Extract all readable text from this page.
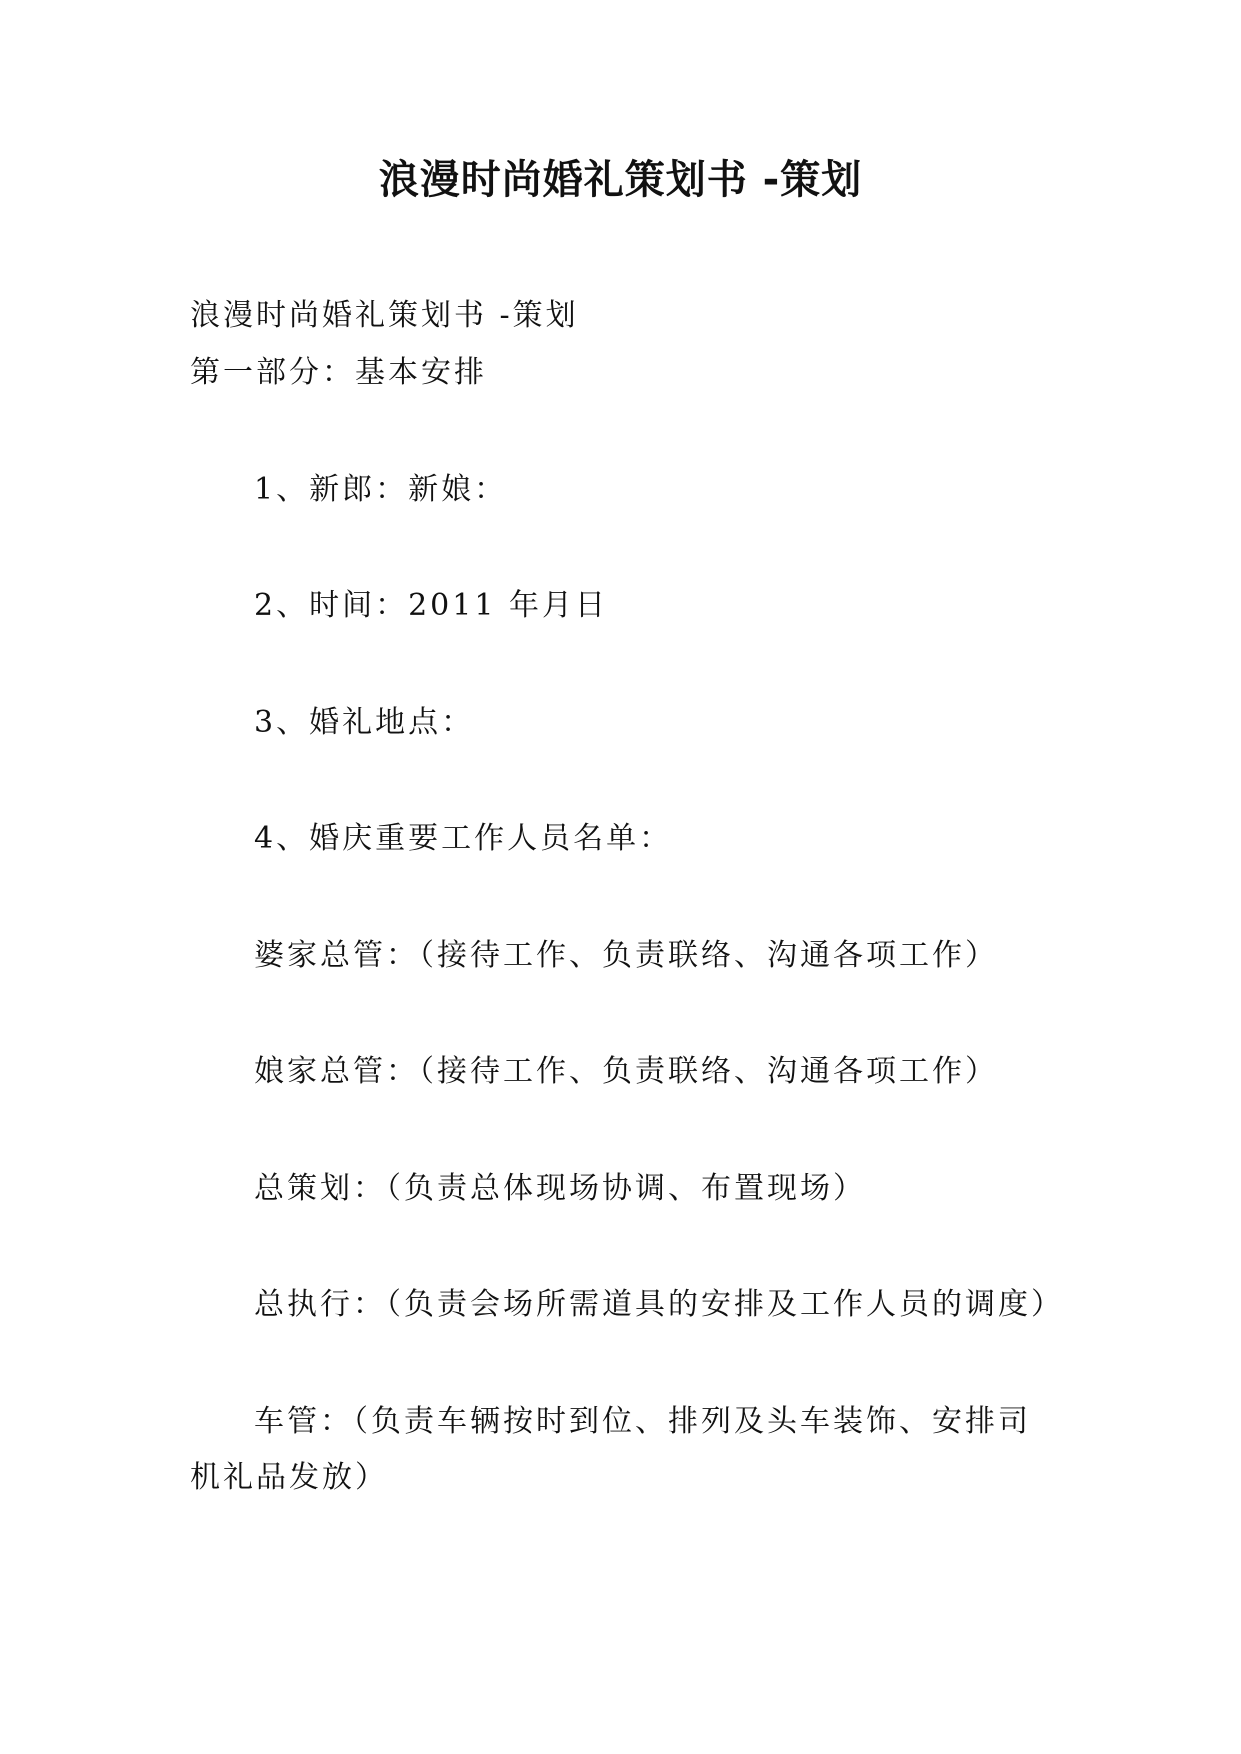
浪漫时尚婚礼策划书 -策划
浪漫时尚婚礼策划书 -策划
第一部分：基本安排
1、新郎：新娘：
2、时间：2011 年月日
3、婚礼地点：
4、婚庆重要工作人员名单：
婆家总管：（接待工作、负责联络、沟通各项工作）
娘家总管：（接待工作、负责联络、沟通各项工作）
总策划：（负责总体现场协调、布置现场）
总执行：（负责会场所需道具的安排及工作人员的调度）
车管：（负责车辆按时到位、排列及头车装饰、安排司
机礼品发放）
